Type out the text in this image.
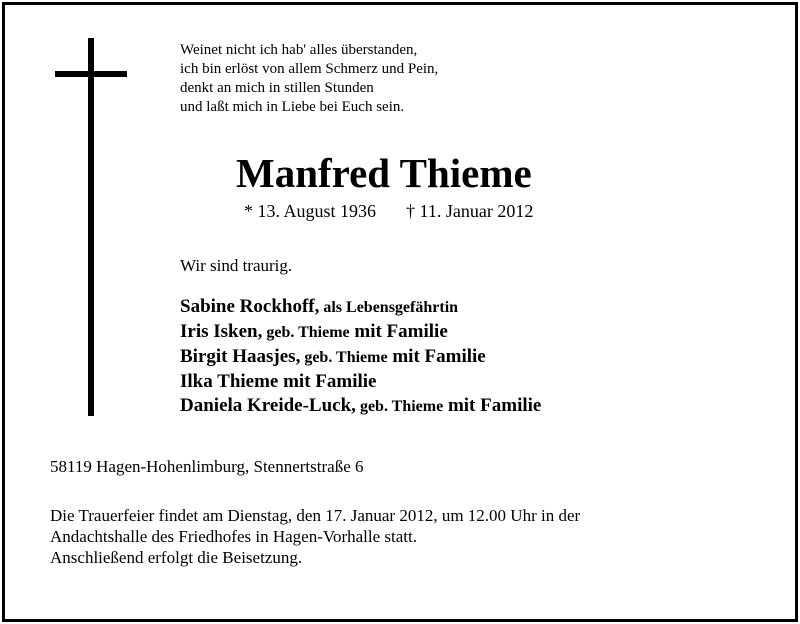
Weinet nicht ich hab' alles überstanden,
ich bin erlöst von allem Schmerz und Pein,
denkt an mich in stillen Stunden
und laßt mich in Liebe bei Euch sein.
Manfred Thieme
* 13. August 1936 † 11. Januar 2012
Wir sind traurig.
Sabine Rockhoff, als Lebensgefährtin
Iris Isken, geb. Thieme mit Familie
Birgit Haasjes, geb. Thieme mit Familie
Ilka Thieme mit Familie
Daniela Kreide-Luck, geb. Thieme mit Familie
58119 Hagen-Hohenlimburg, Stennertstraße 6
Die Trauerfeier findet am Dienstag, den 17. Januar 2012, um 12.00 Uhr in der
Andachtshalle des Friedhofes in Hagen-Vorhalle statt.
Anschließend erfolgt die Beisetzung.
